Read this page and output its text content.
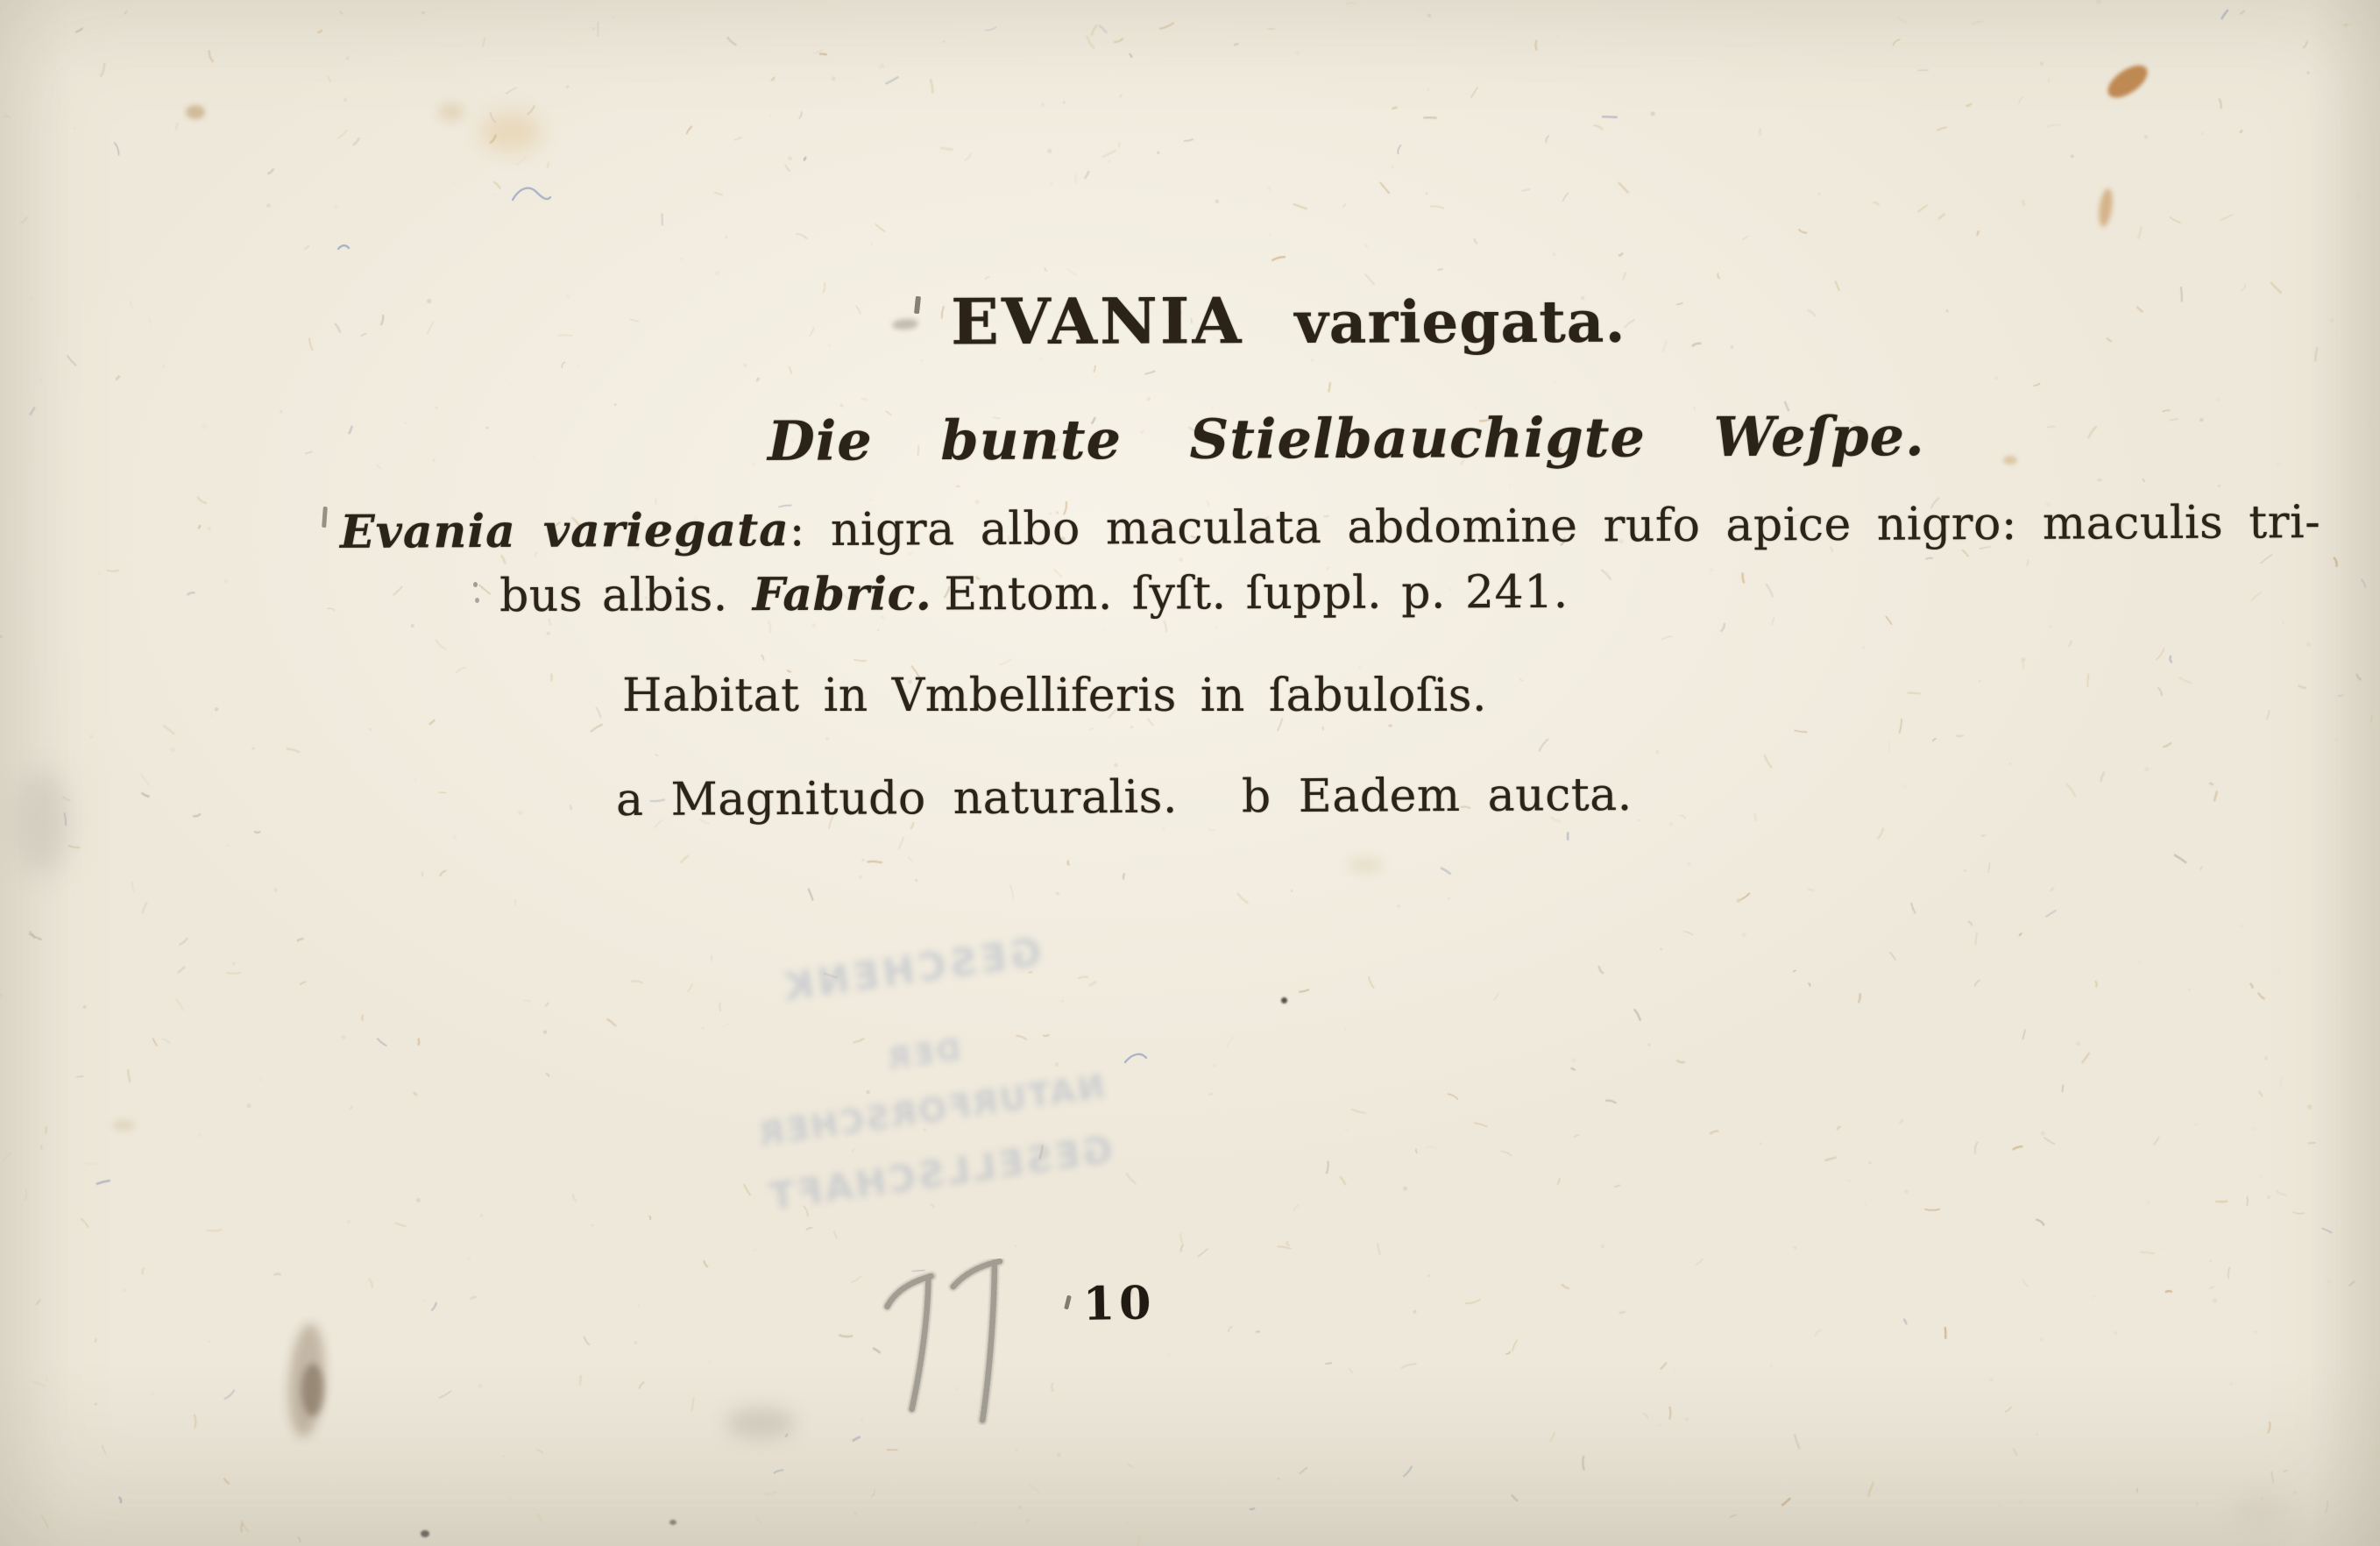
GESCHENK
DER
NATURFORSCHER
GESELLSCHAFT
EVANIA variegata.
Die bunte Stielbauchigte Weſpe.
Evania variegata: nigra albo maculata abdomine rufo apice nigro: maculis tri-
bus albis. Fabric. Entom. ſyſt. ſuppl. p. 241.
Habitat in Vmbelliferis in ſabuloſis.
a Magnitudo naturalis. b Eadem aucta.
10
